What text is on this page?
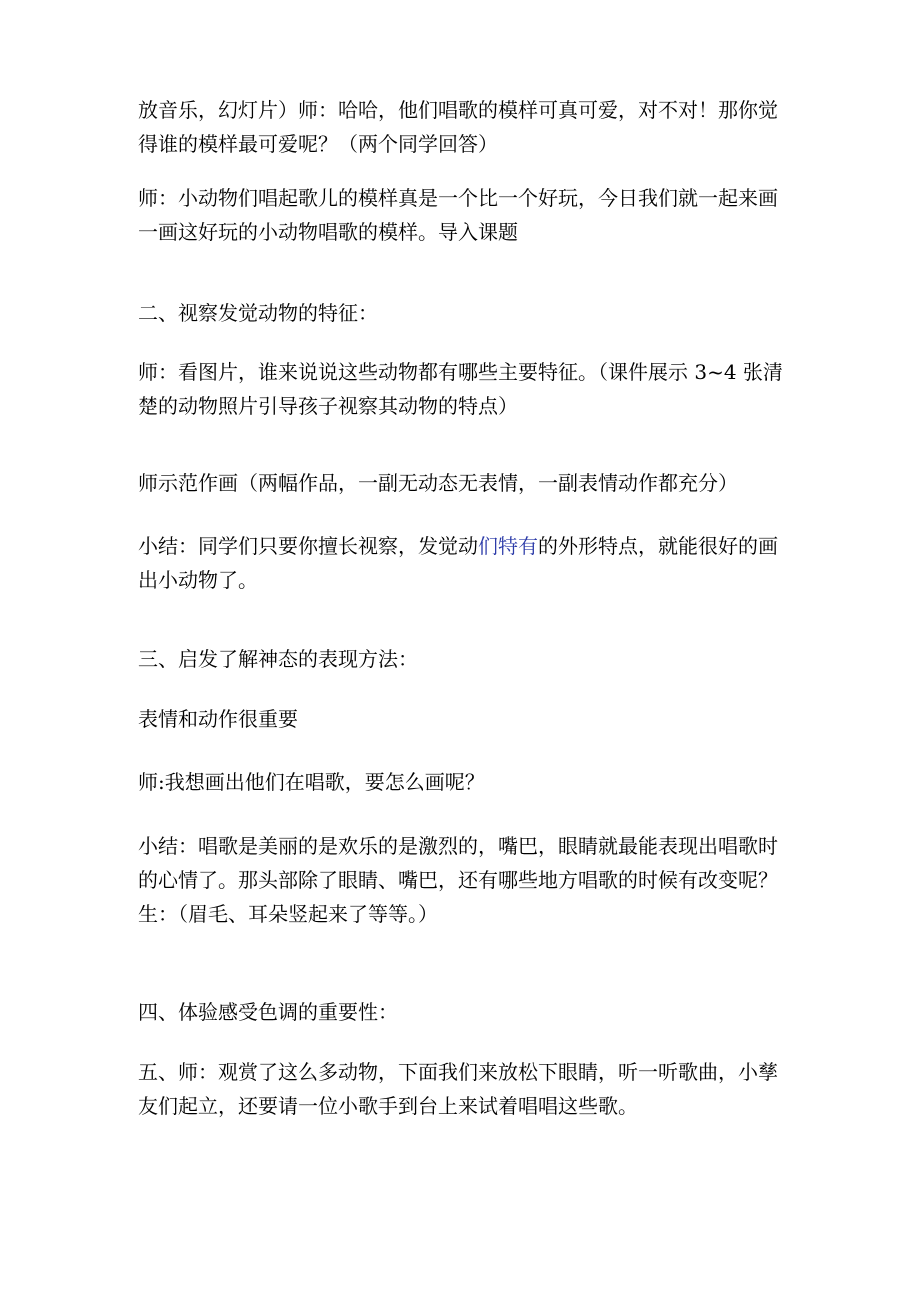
放音乐，幻灯片）师：哈哈，他们唱歌的模样可真可爱，对不对！那你觉
得谁的模样最可爱呢？（两个同学回答）

师：小动物们唱起歌儿的模样真是一个比一个好玩，今日我们就一起来画
一画这好玩的小动物唱歌的模样。导入课题

二、视察发觉动物的特征：

师：看图片，谁来说说这些动物都有哪些主要特征。（课件展示 3~4 张清
楚的动物照片引导孩子视察其动物的特点）

师示范作画（两幅作品，一副无动态无表情，一副表情动作都充分）

小结：同学们只要你擅长视察，发觉动们特有的外形特点，就能很好的画
出小动物了。

三、启发了解神态的表现方法：

表情和动作很重要

师:我想画出他们在唱歌，要怎么画呢？

小结：唱歌是美丽的是欢乐的是激烈的，嘴巴，眼睛就最能表现出唱歌时
的心情了。那头部除了眼睛、嘴巴，还有哪些地方唱歌的时候有改变呢？
生：（眉毛、耳朵竖起来了等等。）

四、体验感受色调的重要性：

五、师：观赏了这么多动物，下面我们来放松下眼睛，听一听歌曲，小孳
友们起立，还要请一位小歌手到台上来试着唱唱这些歌。
